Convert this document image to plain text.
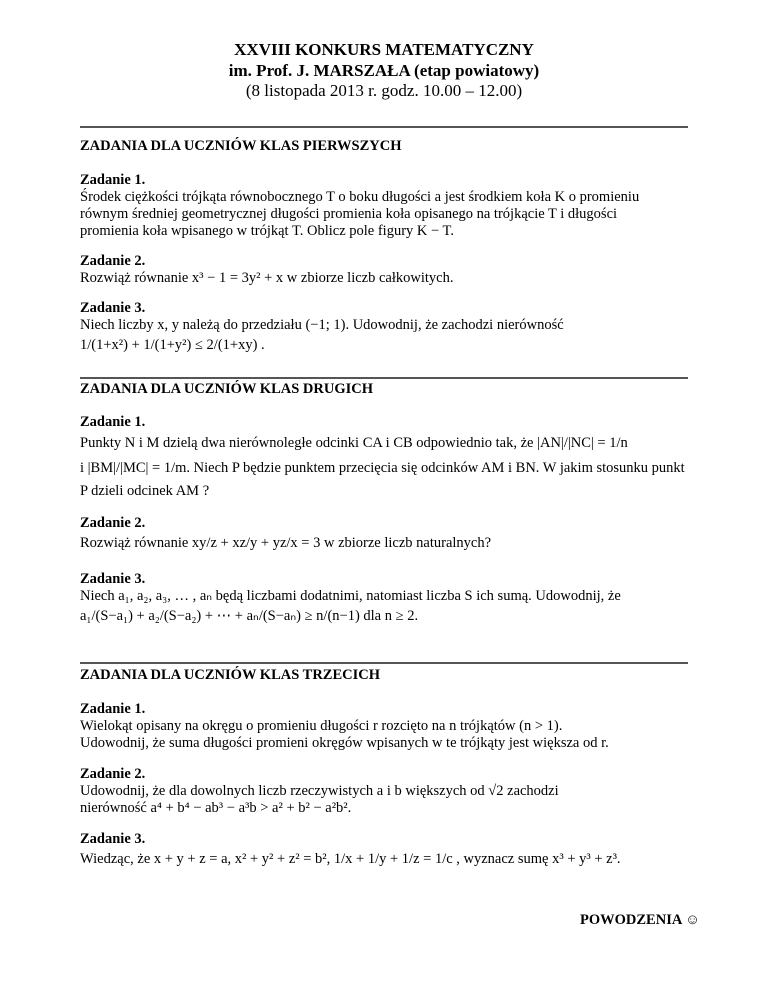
XXVIII KONKURS MATEMATYCZNY
im. Prof. J. MARSZAŁA (etap powiatowy)
(8 listopada 2013 r. godz. 10.00 – 12.00)
ZADANIA DLA UCZNIÓW KLAS PIERWSZYCH
Zadanie 1.
Środek ciężkości trójkąta równobocznego T o boku długości a jest środkiem koła K o promieniu
równym średniej geometrycznej długości promienia koła opisanego na trójkącie T i długości
promienia koła wpisanego w trójkąt T. Oblicz pole figury K − T.
Zadanie 2.
Rozwiąż równanie x³ − 1 = 3y² + x w zbiorze liczb całkowitych.
Zadanie 3.
Niech liczby x, y należą do przedziału (−1; 1). Udowodnij, że zachodzi nierówność
1/(1+x²) + 1/(1+y²) ≤ 2/(1+xy) .
ZADANIA DLA UCZNIÓW KLAS DRUGICH
Zadanie 1.
Punkty N i M dzielą dwa nierównoległe odcinki CA i CB odpowiednio tak, że |AN|/|NC| = 1/n
i |BM|/|MC| = 1/m. Niech P będzie punktem przecięcia się odcinków AM i BN. W jakim stosunku punkt
P dzieli odcinek AM ?
Zadanie 2.
Rozwiąż równanie xy/z + xz/y + yz/x = 3 w zbiorze liczb naturalnych?
Zadanie 3.
Niech a₁, a₂, a₃, … , aₙ będą liczbami dodatnimi, natomiast liczba S ich sumą. Udowodnij, że
a₁/(S−a₁) + a₂/(S−a₂) + ⋯ + aₙ/(S−aₙ) ≥ n/(n−1) dla n ≥ 2.
ZADANIA DLA UCZNIÓW KLAS TRZECICH
Zadanie 1.
Wielokąt opisany na okręgu o promieniu długości r rozcięto na n trójkątów (n > 1).
Udowodnij, że suma długości promieni okręgów wpisanych w te trójkąty jest większa od r.
Zadanie 2.
Udowodnij, że dla dowolnych liczb rzeczywistych a i b większych od √2 zachodzi
nierówność a⁴ + b⁴ − ab³ − a³b > a² + b² − a²b².
Zadanie 3.
Wiedząc, że x + y + z = a, x² + y² + z² = b², 1/x + 1/y + 1/z = 1/c , wyznacz sumę x³ + y³ + z³.
POWODZENIA ☺
